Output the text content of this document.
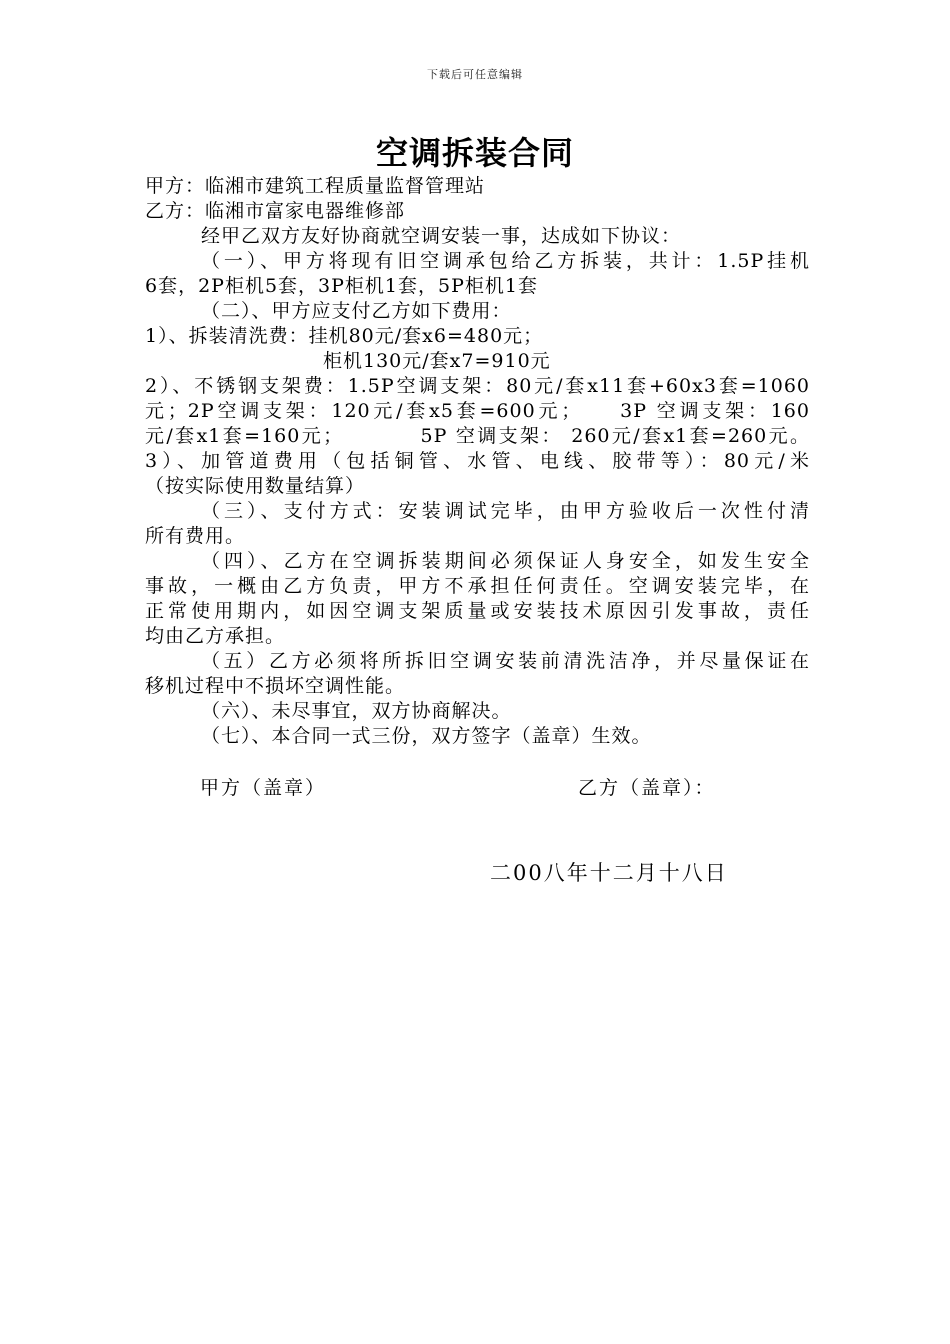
下载后可任意编辑
空调拆装合同
甲方：临湘市建筑工程质量监督管理站
乙方：临湘市富家电器维修部
经甲乙双方友好协商就空调安装一事，达成如下协议：
（一）、甲方将现有旧空调承包给乙方拆装，共计：1.5P挂机
6套，2P柜机5套，3P柜机1套，5P柜机1套
（二）、甲方应支付乙方如下费用：
1）、拆装清洗费：挂机80元/套x6=480元；
柜机130元/套x7=910元
2）、不锈钢支架费：1.5P空调支架：80元/套x11套+60x3套=1060
元；2P空调支架：120元/套x5套=600元；　　3P 空调支架：160
元/套x1套=160元；　　　　5P 空调支架： 260元/套x1套=260元。
3）、加管道费用（包括铜管、水管、电线、胶带等）：80元/米
（按实际使用数量结算）
（三）、支付方式：安装调试完毕，由甲方验收后一次性付清
所有费用。
（四）、乙方在空调拆装期间必须保证人身安全，如发生安全
事故，一概由乙方负责，甲方不承担任何责任。空调安装完毕，在
正常使用期内，如因空调支架质量或安装技术原因引发事故，责任
均由乙方承担。
（五）乙方必须将所拆旧空调安装前清洗洁净，并尽量保证在
移机过程中不损坏空调性能。
（六）、未尽事宜，双方协商解决。
（七）、本合同一式三份，双方签字（盖章）生效。
甲方（盖章）	乙方（盖章）：
二00八年十二月十八日
